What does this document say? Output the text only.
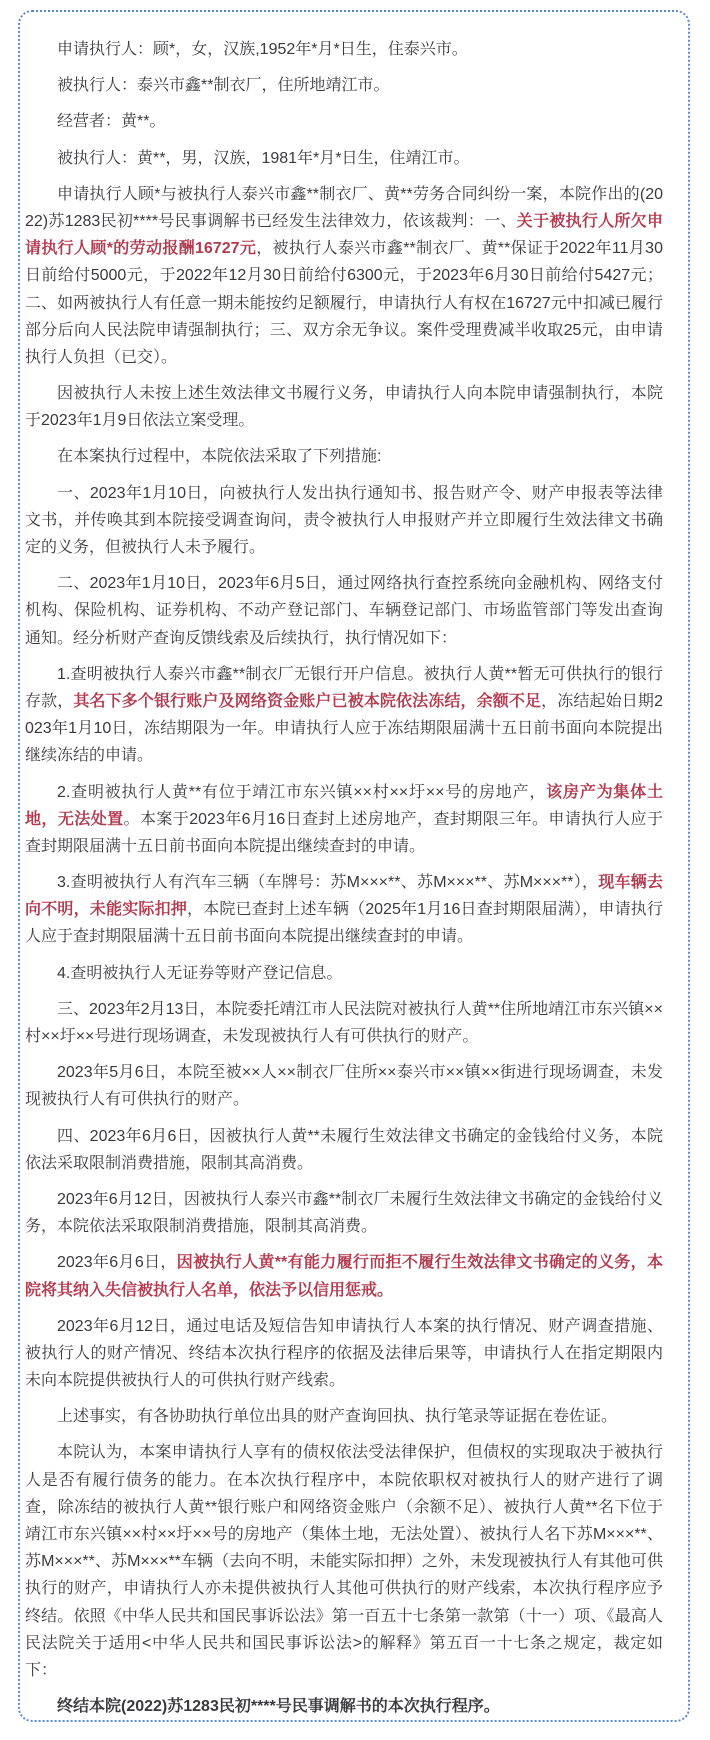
申请执行人：顾*，女，汉族,1952年*月*日生，住泰兴市。

被执行人：泰兴市鑫**制衣厂，住所地靖江市。

经营者：黄**。

被执行人：黄**，男，汉族，1981年*月*日生，住靖江市。

申请执行人顾*与被执行人泰兴市鑫**制衣厂、黄**劳务合同纠纷一案，本院作出的(2022)苏1283民初****号民事调解书已经发生法律效力，依该裁判：一、关于被执行人所欠申请执行人顾*的劳动报酬16727元，被执行人泰兴市鑫**制衣厂、黄**保证于2022年11月30日前给付5000元，于2022年12月30日前给付6300元，于2023年6月30日前给付5427元；二、如两被执行人有任意一期未能按约足额履行，申请执行人有权在16727元中扣减已履行部分后向人民法院申请强制执行；三、双方余无争议。案件受理费减半收取25元，由申请执行人负担（已交）。

因被执行人未按上述生效法律文书履行义务，申请执行人向本院申请强制执行，本院于2023年1月9日依法立案受理。

在本案执行过程中，本院依法采取了下列措施:

一、2023年1月10日，向被执行人发出执行通知书、报告财产令、财产申报表等法律文书，并传唤其到本院接受调查询问，责令被执行人申报财产并立即履行生效法律文书确定的义务，但被执行人未予履行。

二、2023年1月10日，2023年6月5日，通过网络执行查控系统向金融机构、网络支付机构、保险机构、证券机构、不动产登记部门、车辆登记部门、市场监管部门等发出查询通知。经分析财产查询反馈线索及后续执行，执行情况如下：

1.查明被执行人泰兴市鑫**制衣厂无银行开户信息。被执行人黄**暂无可供执行的银行存款，其名下多个银行账户及网络资金账户已被本院依法冻结，余额不足，冻结起始日期2023年1月10日，冻结期限为一年。申请执行人应于冻结期限届满十五日前书面向本院提出继续冻结的申请。

2.查明被执行人黄**有位于靖江市东兴镇××村××圩××号的房地产，该房产为集体土地，无法处置。本案于2023年6月16日查封上述房地产，查封期限三年。申请执行人应于查封期限届满十五日前书面向本院提出继续查封的申请。

3.查明被执行人有汽车三辆（车牌号：苏M×××**、苏M×××**、苏M×××**），现车辆去向不明，未能实际扣押，本院已查封上述车辆（2025年1月16日查封期限届满），申请执行人应于查封期限届满十五日前书面向本院提出继续查封的申请。

4.查明被执行人无证券等财产登记信息。

三、2023年2月13日，本院委托靖江市人民法院对被执行人黄**住所地靖江市东兴镇××村××圩××号进行现场调查，未发现被执行人有可供执行的财产。

2023年5月6日，本院至被××人××制衣厂住所××泰兴市××镇××街进行现场调查，未发现被执行人有可供执行的财产。

四、2023年6月6日，因被执行人黄**未履行生效法律文书确定的金钱给付义务，本院依法采取限制消费措施，限制其高消费。

2023年6月12日，因被执行人泰兴市鑫**制衣厂未履行生效法律文书确定的金钱给付义务，本院依法采取限制消费措施，限制其高消费。

2023年6月6日，因被执行人黄**有能力履行而拒不履行生效法律文书确定的义务，本院将其纳入失信被执行人名单，依法予以信用惩戒。

2023年6月12日，通过电话及短信告知申请执行人本案的执行情况、财产调查措施、被执行人的财产情况、终结本次执行程序的依据及法律后果等，申请执行人在指定期限内未向本院提供被执行人的可供执行财产线索。

上述事实，有各协助执行单位出具的财产查询回执、执行笔录等证据在卷佐证。

本院认为，本案申请执行人享有的债权依法受法律保护，但债权的实现取决于被执行人是否有履行债务的能力。在本次执行程序中，本院依职权对被执行人的财产进行了调查，除冻结的被执行人黄**银行账户和网络资金账户（余额不足）、被执行人黄**名下位于靖江市东兴镇××村××圩××号的房地产（集体土地，无法处置）、被执行人名下苏M×××**、苏M×××**、苏M×××**车辆（去向不明，未能实际扣押）之外，未发现被执行人有其他可供执行的财产，申请执行人亦未提供被执行人其他可供执行的财产线索，本次执行程序应予终结。依照《中华人民共和国民事诉讼法》第一百五十七条第一款第（十一）项、《最高人民法院关于适用<中华人民共和国民事诉讼法>的解释》第五百一十七条之规定，裁定如下：

终结本院(2022)苏1283民初****号民事调解书的本次执行程序。
